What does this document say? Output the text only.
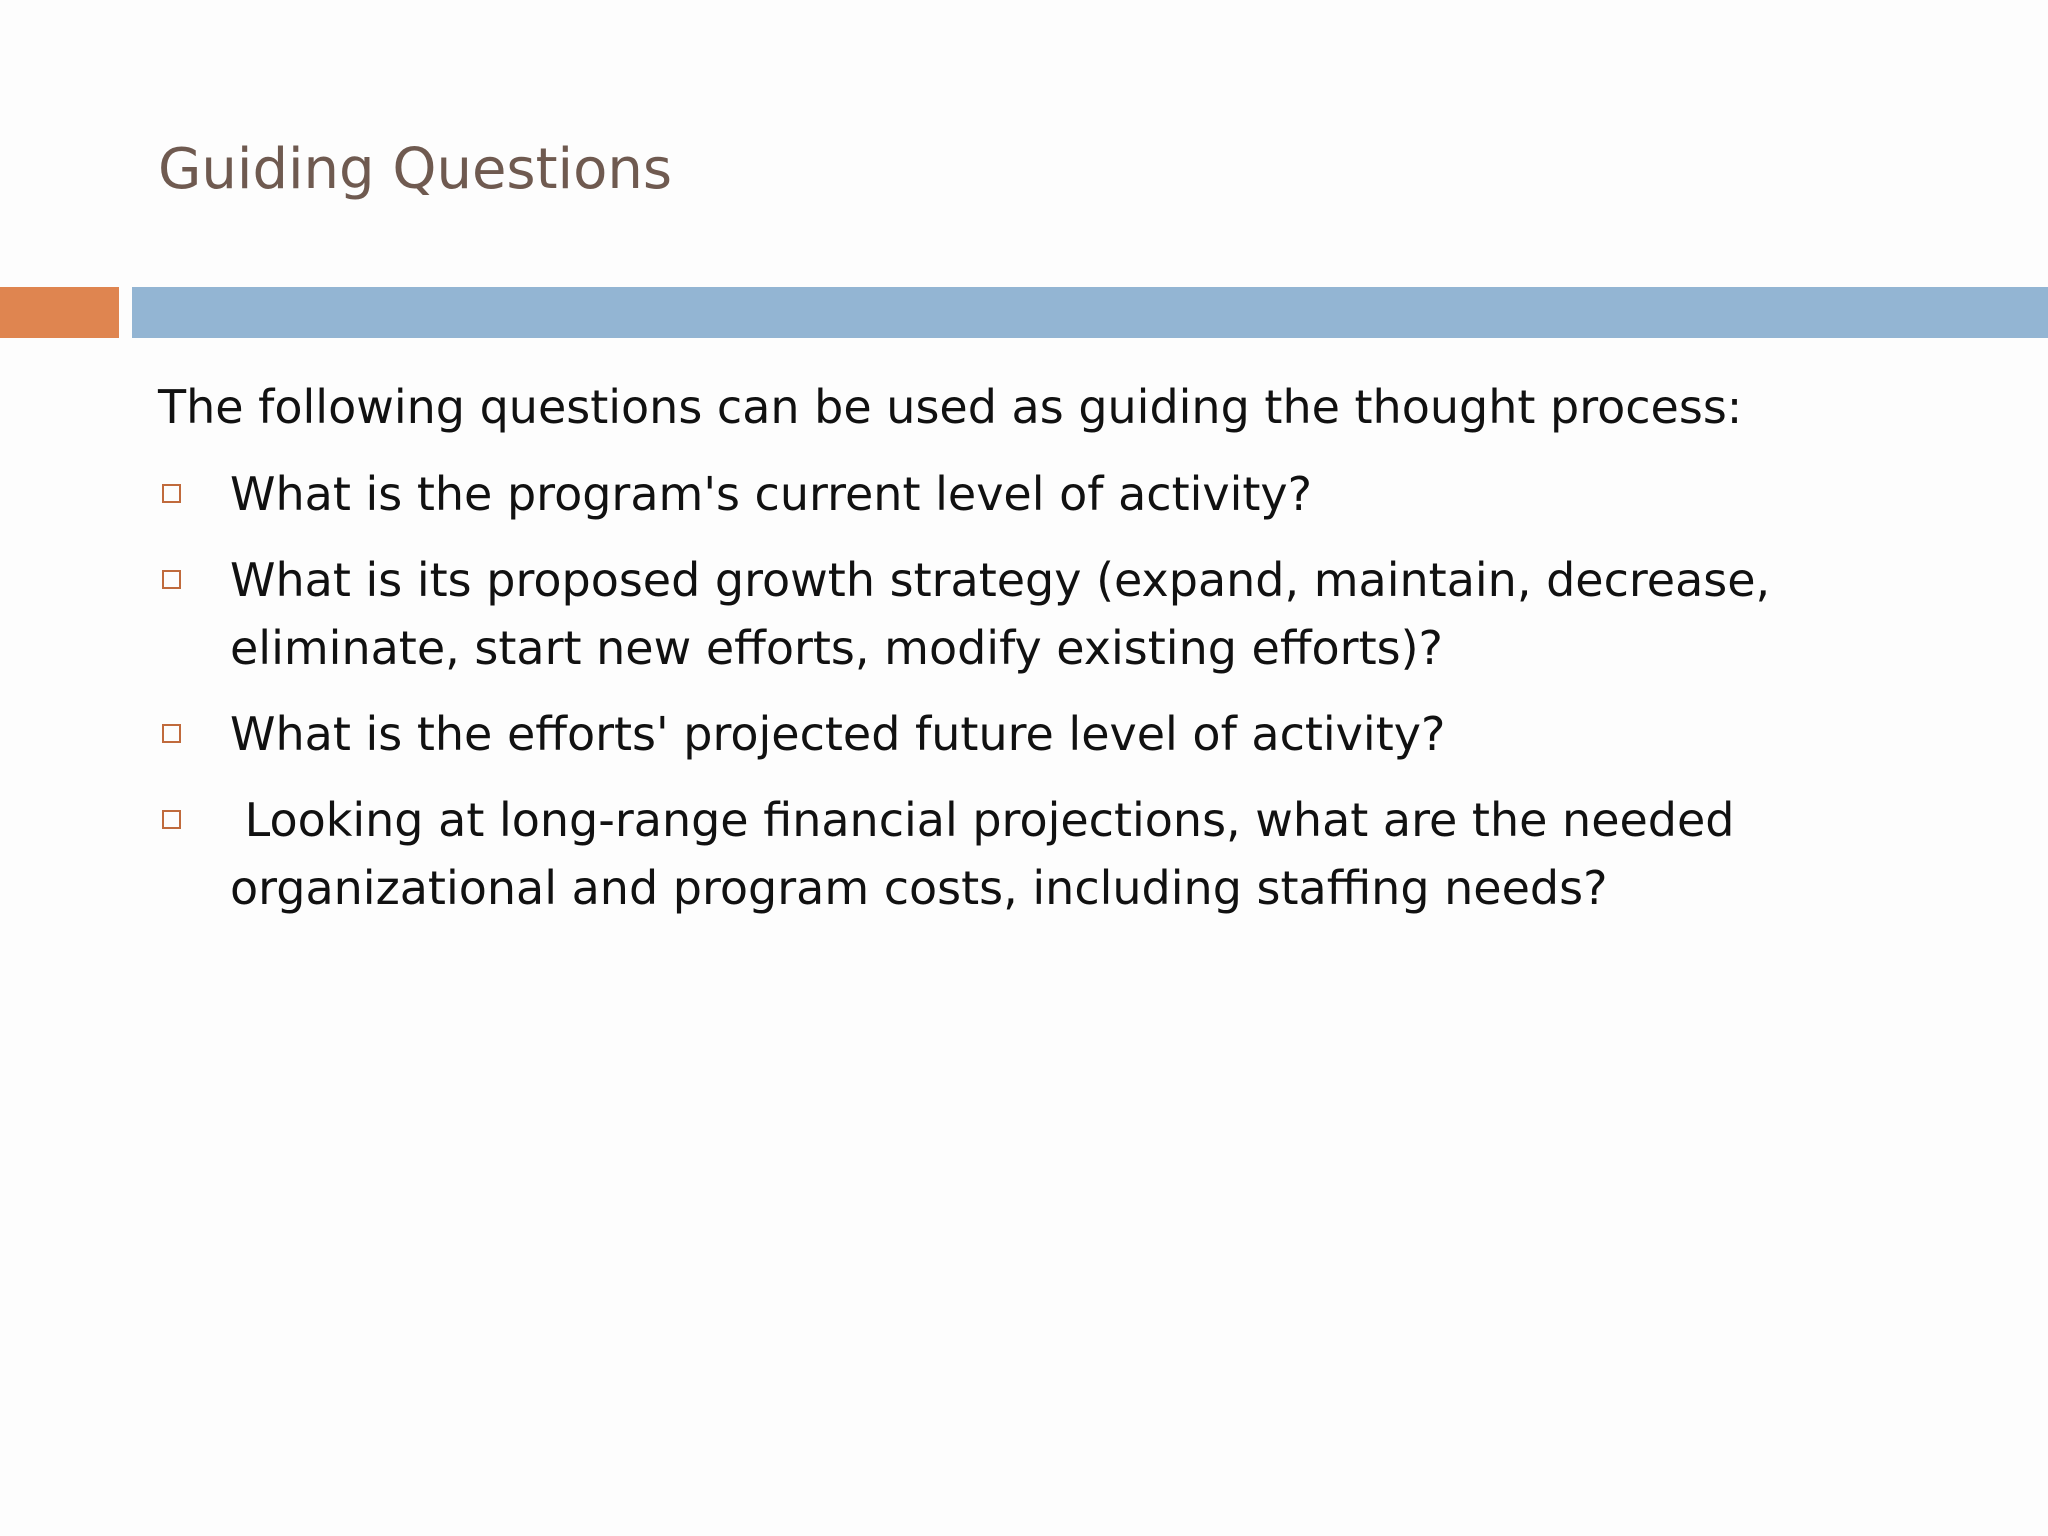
Guiding Questions

The following questions can be used as guiding the thought process:

What is the program's current level of activity?
What is its proposed growth strategy (expand, maintain, decrease, eliminate, start new efforts, modify existing efforts)?
What is the efforts' projected future level of activity?
Looking at long-range financial projections, what are the needed organizational and program costs, including staffing needs?
